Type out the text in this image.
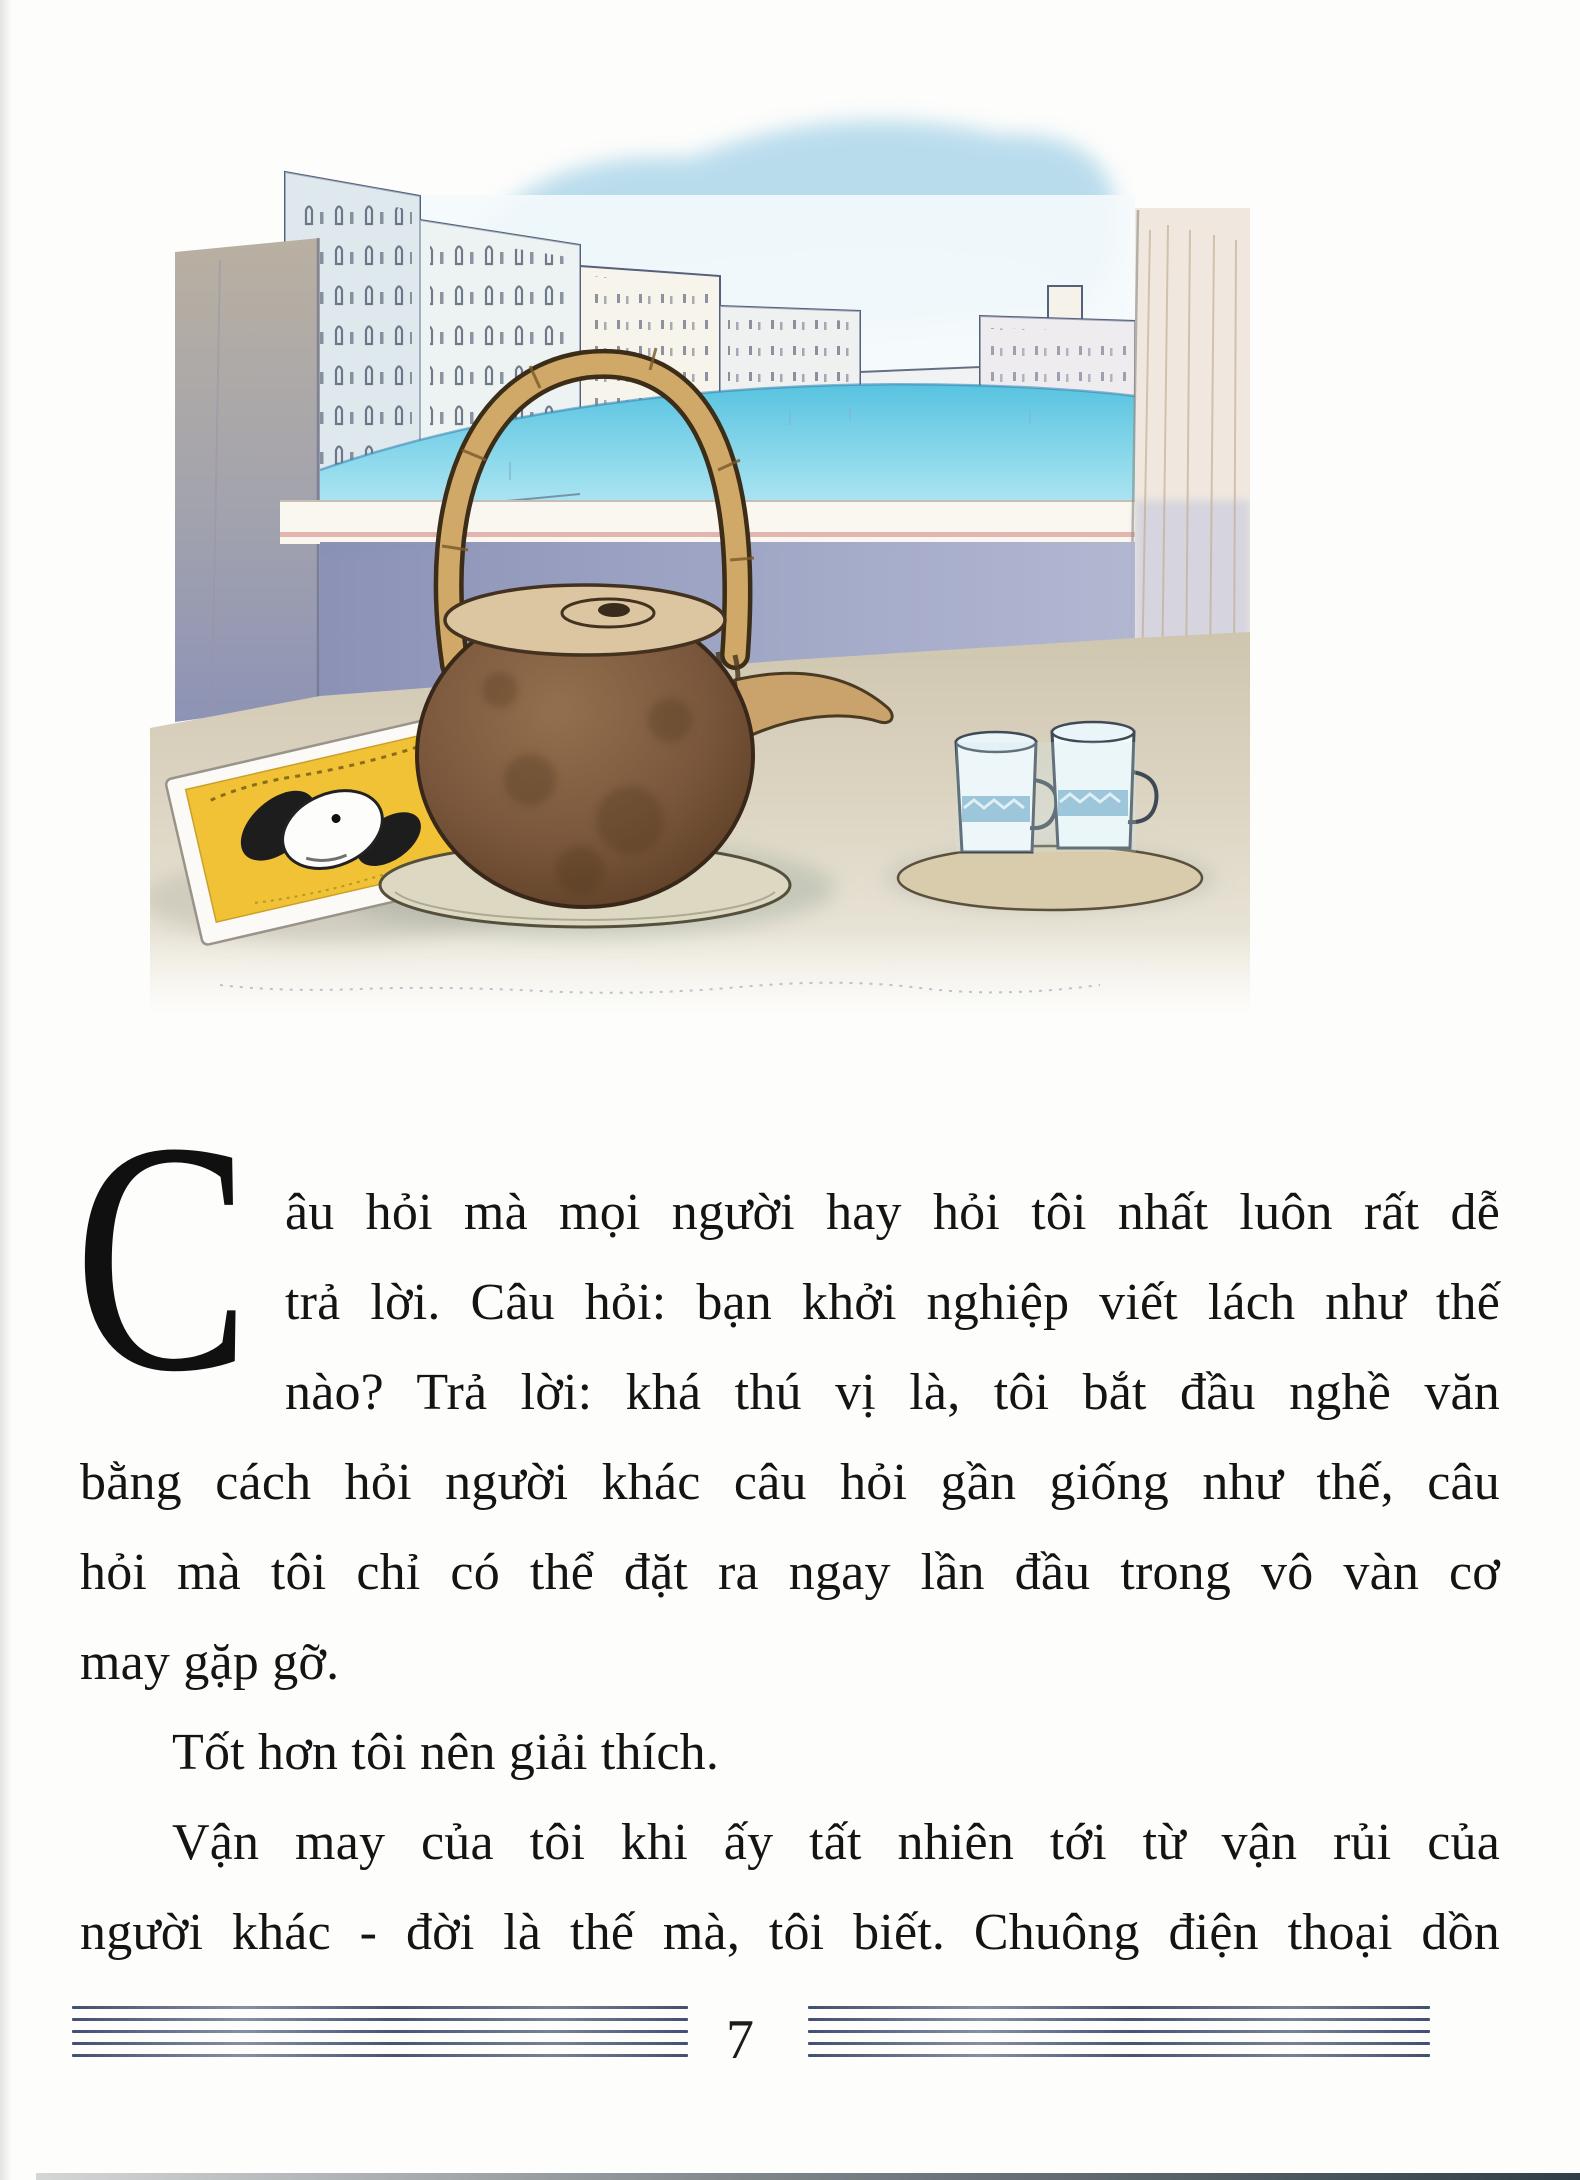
C âu hỏi mà mọi người hay hỏi tôi nhất luôn rất dễ
trả lời. Câu hỏi: bạn khởi nghiệp viết lách như thế
nào? Trả lời: khá thú vị là, tôi bắt đầu nghề văn
bằng cách hỏi người khác câu hỏi gần giống như thế, câu
hỏi mà tôi chỉ có thể đặt ra ngay lần đầu trong vô vàn cơ
may gặp gỡ.
Tốt hơn tôi nên giải thích.
Vận may của tôi khi ấy tất nhiên tới từ vận rủi của
người khác - đời là thế mà, tôi biết. Chuông điện thoại dồn
7
